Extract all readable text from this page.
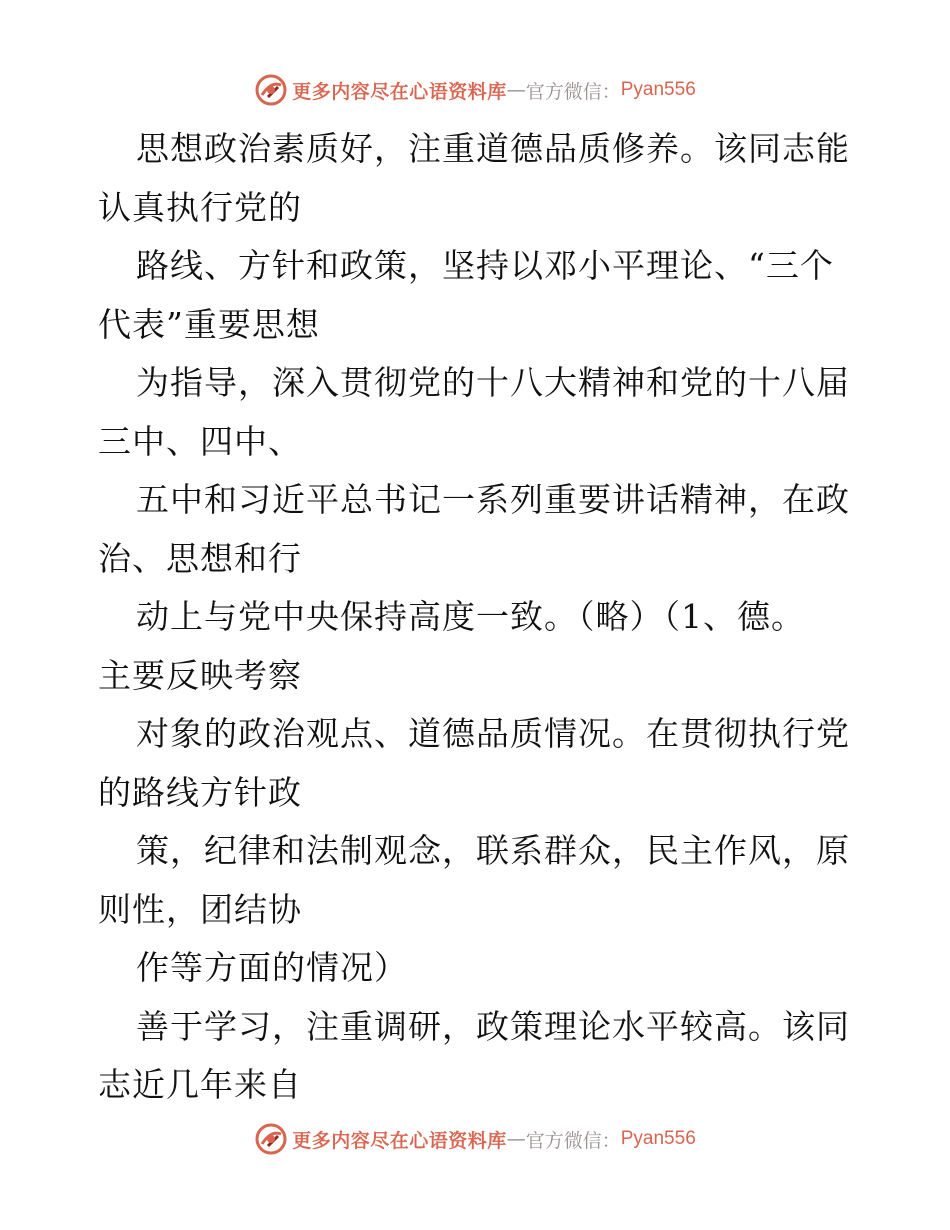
更多内容尽在心语资料库 — 官方微信： Pyan556
思想政治素质好，注重道德品质修养。该同志能
认真执行党的
路线、方针和政策，坚持以邓小平理论、“三个
代表”重要思想
为指导，深入贯彻党的十八大精神和党的十八届
三中、四中、
五中和习近平总书记一系列重要讲话精神，在政
治、思想和行
动上与党中央保持高度一致。（略）（1、德。
主要反映考察
对象的政治观点、道德品质情况。在贯彻执行党
的路线方针政
策，纪律和法制观念，联系群众，民主作风，原
则性，团结协
作等方面的情况）
善于学习，注重调研，政策理论水平较高。该同
志近几年来自
更多内容尽在心语资料库 — 官方微信： Pyan556
